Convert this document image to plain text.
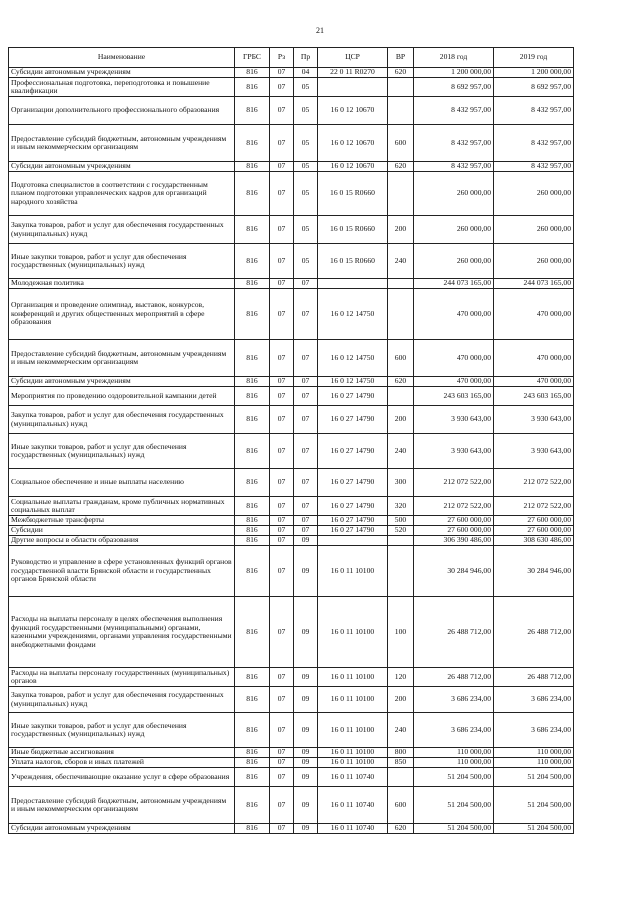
21
Наименование	ГРБС	Рз	Пр	ЦСР	ВР	2018 год	2019 год
Субсидии автономным учреждениям	816	07	04	22 0 11 R0270	620	1 200 000,00	1 200 000,00
Профессиональная подготовка, переподготовка и повышение квалификации	816	07	05			8 692 957,00	8 692 957,00
Организации дополнительного профессионального образования	816	07	05	16 0 12 10670		8 432 957,00	8 432 957,00
Предоставление субсидий бюджетным, автономным учреждениям и иным некоммерческим организациям	816	07	05	16 0 12 10670	600	8 432 957,00	8 432 957,00
Субсидии автономным учреждениям	816	07	05	16 0 12 10670	620	8 432 957,00	8 432 957,00
Подготовка специалистов в соответствии с государственным планом подготовки управленческих кадров для организаций народного хозяйства	816	07	05	16 0 15 R0660		260 000,00	260 000,00
Закупка товаров, работ и услуг для обеспечения государственных (муниципальных) нужд	816	07	05	16 0 15 R0660	200	260 000,00	260 000,00
Иные закупки товаров, работ и услуг для обеспечения государственных (муниципальных) нужд	816	07	05	16 0 15 R0660	240	260 000,00	260 000,00
Молодежная политика	816	07	07			244 073 165,00	244 073 165,00
Организация и проведение олимпиад, выставок, конкурсов, конференций и других общественных мероприятий в сфере образования	816	07	07	16 0 12 14750		470 000,00	470 000,00
Предоставление субсидий бюджетным, автономным учреждениям и иным некоммерческим организациям	816	07	07	16 0 12 14750	600	470 000,00	470 000,00
Субсидии автономным учреждениям	816	07	07	16 0 12 14750	620	470 000,00	470 000,00
Мероприятия по проведению оздоровительной кампании детей	816	07	07	16 0 27 14790		243 603 165,00	243 603 165,00
Закупка товаров, работ и услуг для обеспечения государственных (муниципальных) нужд	816	07	07	16 0 27 14790	200	3 930 643,00	3 930 643,00
Иные закупки товаров, работ и услуг для обеспечения государственных (муниципальных) нужд	816	07	07	16 0 27 14790	240	3 930 643,00	3 930 643,00
Социальное обеспечение и иные выплаты населению	816	07	07	16 0 27 14790	300	212 072 522,00	212 072 522,00
Социальные выплаты гражданам, кроме публичных нормативных социальных выплат	816	07	07	16 0 27 14790	320	212 072 522,00	212 072 522,00
Межбюджетные трансферты	816	07	07	16 0 27 14790	500	27 600 000,00	27 600 000,00
Субсидии	816	07	07	16 0 27 14790	520	27 600 000,00	27 600 000,00
Другие вопросы в области образования	816	07	09			306 390 486,00	308 630 486,00
Руководство и управление в сфере установленных функций органов государственной власти Брянской области и государственных органов Брянской области	816	07	09	16 0 11 10100		30 284 946,00	30 284 946,00
Расходы на выплаты персоналу в целях обеспечения выполнения функций государственными (муниципальными) органами, казенными учреждениями, органами управления государственными внебюджетными фондами	816	07	09	16 0 11 10100	100	26 488 712,00	26 488 712,00
Расходы на выплаты персоналу государственных (муниципальных) органов	816	07	09	16 0 11 10100	120	26 488 712,00	26 488 712,00
Закупка товаров, работ и услуг для обеспечения государственных (муниципальных) нужд	816	07	09	16 0 11 10100	200	3 686 234,00	3 686 234,00
Иные закупки товаров, работ и услуг для обеспечения государственных (муниципальных) нужд	816	07	09	16 0 11 10100	240	3 686 234,00	3 686 234,00
Иные бюджетные ассигнования	816	07	09	16 0 11 10100	800	110 000,00	110 000,00
Уплата налогов, сборов и иных платежей	816	07	09	16 0 11 10100	850	110 000,00	110 000,00
Учреждения, обеспечивающие оказание услуг в сфере образования	816	07	09	16 0 11 10740		51 204 500,00	51 204 500,00
Предоставление субсидий бюджетным, автономным учреждениям и иным некоммерческим организациям	816	07	09	16 0 11 10740	600	51 204 500,00	51 204 500,00
Субсидии автономным учреждениям	816	07	09	16 0 11 10740	620	51 204 500,00	51 204 500,00
